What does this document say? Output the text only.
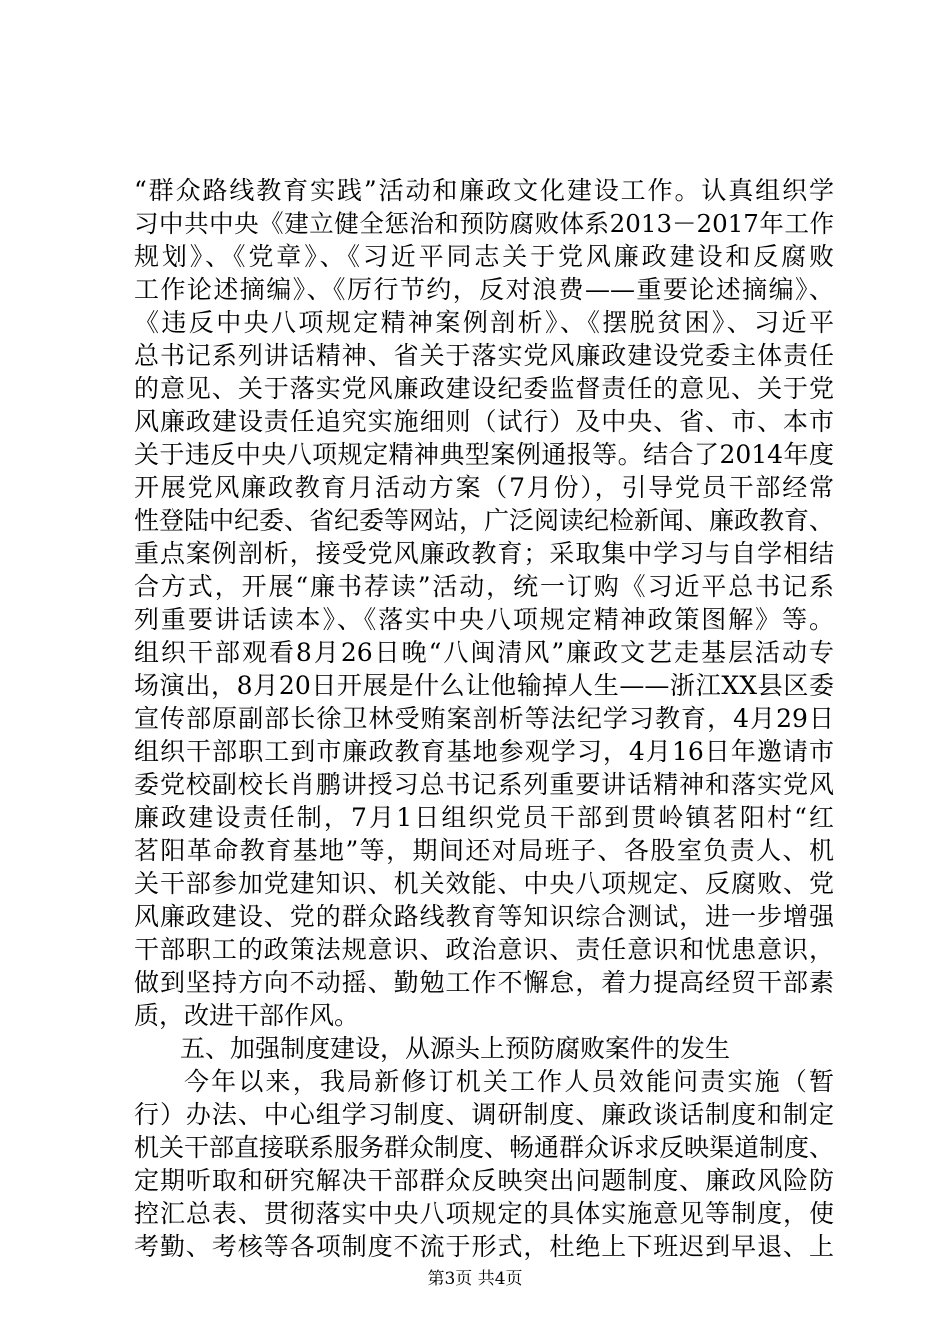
“群众路线教育实践”活动和廉政文化建设工作。认真组织学
习中共中央《建立健全惩治和预防腐败体系2013－2017年工作
规划》、《党章》、《习近平同志关于党风廉政建设和反腐败
工作论述摘编》、《厉行节约，反对浪费——重要论述摘编》、
《违反中央八项规定精神案例剖析》、《摆脱贫困》、习近平
总书记系列讲话精神、省关于落实党风廉政建设党委主体责任
的意见、关于落实党风廉政建设纪委监督责任的意见、关于党
风廉政建设责任追究实施细则（试行）及中央、省、市、本市
关于违反中央八项规定精神典型案例通报等。结合了2014年度
开展党风廉政教育月活动方案（7月份），引导党员干部经常
性登陆中纪委、省纪委等网站，广泛阅读纪检新闻、廉政教育、
重点案例剖析，接受党风廉政教育；采取集中学习与自学相结
合方式，开展“廉书荐读”活动，统一订购《习近平总书记系
列重要讲话读本》、《落实中央八项规定精神政策图解》等。
组织干部观看8月26日晚“八闽清风”廉政文艺走基层活动专
场演出，8月20日开展是什么让他输掉人生——浙江XX县区委
宣传部原副部长徐卫林受贿案剖析等法纪学习教育，4月29日
组织干部职工到市廉政教育基地参观学习，4月16日年邀请市
委党校副校长肖鹏讲授习总书记系列重要讲话精神和落实党风
廉政建设责任制，7月1日组织党员干部到贯岭镇茗阳村“红
茗阳革命教育基地”等，期间还对局班子、各股室负责人、机
关干部参加党建知识、机关效能、中央八项规定、反腐败、党
风廉政建设、党的群众路线教育等知识综合测试，进一步增强
干部职工的政策法规意识、政治意识、责任意识和忧患意识，
做到坚持方向不动摇、勤勉工作不懈怠，着力提高经贸干部素
质，改进干部作风。
五、加强制度建设，从源头上预防腐败案件的发生
今年以来，我局新修订机关工作人员效能问责实施（暂
行）办法、中心组学习制度、调研制度、廉政谈话制度和制定
机关干部直接联系服务群众制度、畅通群众诉求反映渠道制度、
定期听取和研究解决干部群众反映突出问题制度、廉政风险防
控汇总表、贯彻落实中央八项规定的具体实施意见等制度，使
考勤、考核等各项制度不流于形式，杜绝上下班迟到早退、上
第3页 共4页
